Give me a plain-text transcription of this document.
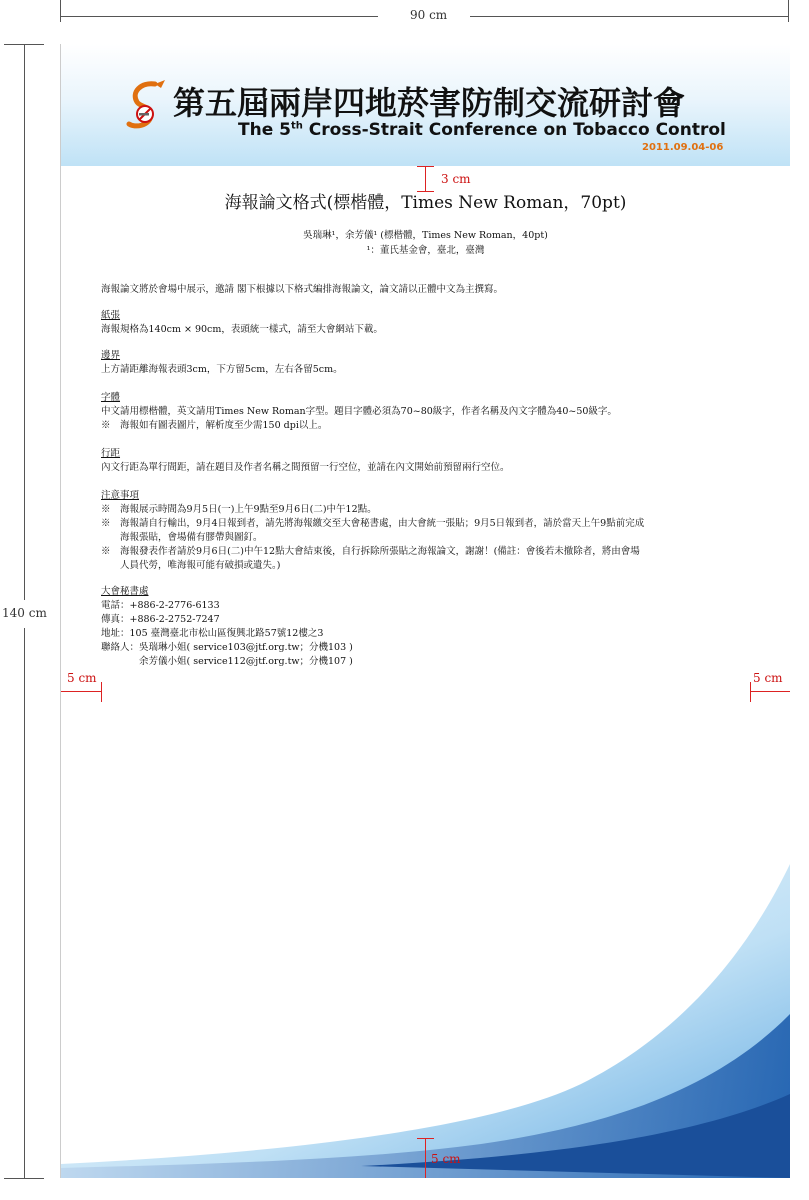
90 cm
140 cm
第五屆兩岸四地菸害防制交流研討會
The 5th Cross-Strait Conference on Tobacco Control
2011.09.04-06
3 cm
5 cm	5 cm
海報論文格式(標楷體，Times New Roman，70pt)
吳瑞琳¹，余芳儀¹ (標楷體，Times New Roman，40pt)
¹：董氏基金會，臺北，臺灣
海報論文將於會場中展示，邀請 閣下根據以下格式編排海報論文，論文請以正體中文為主撰寫。
紙張
海報規格為140cm × 90cm，表頭統一樣式，請至大會網站下載。
邊界
上方請距離海報表頭3cm，下方留5cm，左右各留5cm。
字體
中文請用標楷體，英文請用Times New Roman字型。題目字體必須為70~80級字，作者名稱及內文字體為40~50級字。
※　海報如有圖表圖片，解析度至少需150 dpi以上。
行距
內文行距為單行間距，請在題目及作者名稱之間預留一行空位，並請在內文開始前預留兩行空位。
注意事項
※　海報展示時間為9月5日(一)上午9點至9月6日(二)中午12點。
※　海報請自行輸出，9月4日報到者，請先將海報繳交至大會秘書處，由大會統一張貼；9月5日報到者，請於當天上午9點前完成
　　海報張貼，會場備有膠帶與圖釘。
※　海報發表作者請於9月6日(二)中午12點大會結束後，自行拆除所張貼之海報論文，謝謝！(備註：會後若未撤除者，將由會場
　　人員代勞，唯海報可能有破損或遺失。)
大會秘書處
電話：+886-2-2776-6133
傳真：+886-2-2752-7247
地址：105 臺灣臺北市松山區復興北路57號12樓之3
聯絡人：吳瑞琳小姐( service103@jtf.org.tw；分機103 )
　　　　余芳儀小姐( service112@jtf.org.tw；分機107 )
5 cm
